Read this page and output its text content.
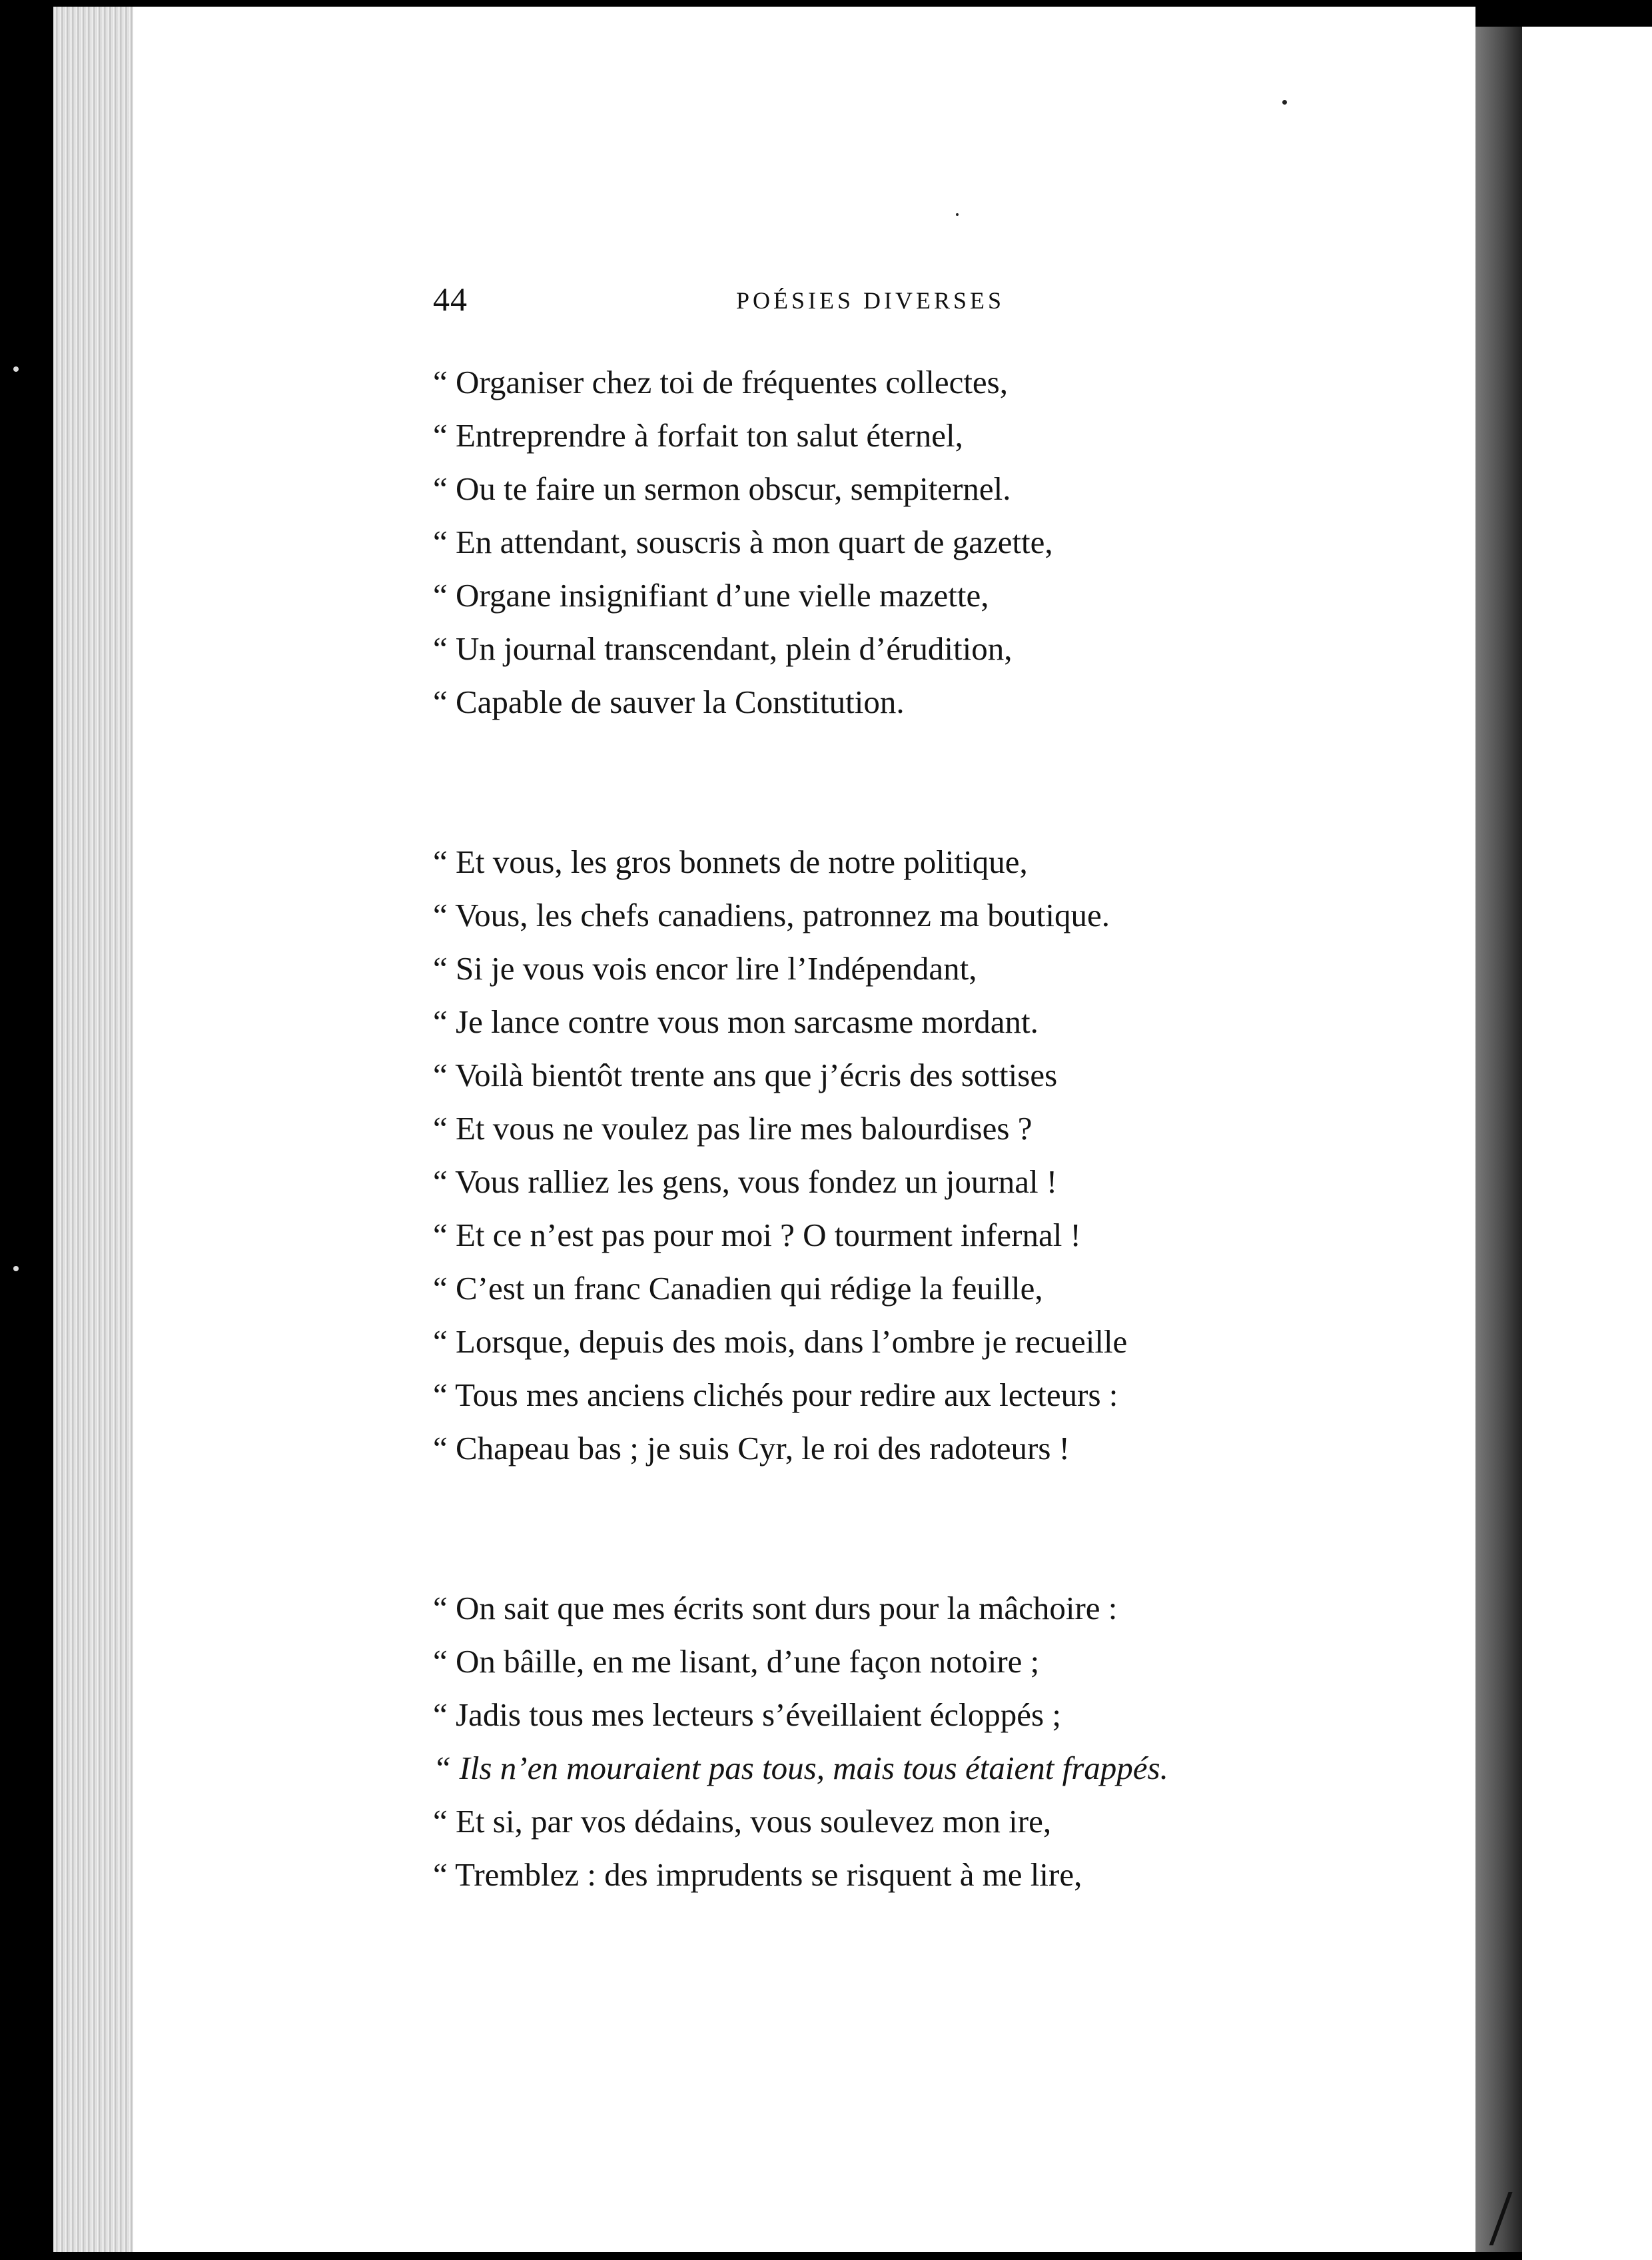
44	POÉSIES DIVERSES
“ Organiser chez toi de fréquentes collectes,
“ Entreprendre à forfait ton salut éternel,
“ Ou te faire un sermon obscur, sempiternel.
“ En attendant, souscris à mon quart de gazette,
“ Organe insignifiant d’une vielle mazette,
“ Un journal transcendant, plein d’érudition,
“ Capable de sauver la Constitution.
“ Et vous, les gros bonnets de notre politique,
“ Vous, les chefs canadiens, patronnez ma boutique.
“ Si je vous vois encor lire l’Indépendant,
“ Je lance contre vous mon sarcasme mordant.
“ Voilà bientôt trente ans que j’écris des sottises
“ Et vous ne voulez pas lire mes balourdises ?
“ Vous ralliez les gens, vous fondez un journal !
“ Et ce n’est pas pour moi ? O tourment infernal !
“ C’est un franc Canadien qui rédige la feuille,
“ Lorsque, depuis des mois, dans l’ombre je recueille
“ Tous mes anciens clichés pour redire aux lecteurs :
“ Chapeau bas ; je suis Cyr, le roi des radoteurs !
“ On sait que mes écrits sont durs pour la mâchoire :
“ On bâille, en me lisant, d’une façon notoire ;
“ Jadis tous mes lecteurs s’éveillaient écloppés ;
“ Ils n’en mouraient pas tous, mais tous étaient frappés.
“ Et si, par vos dédains, vous soulevez mon ire,
“ Tremblez : des imprudents se risquent à me lire,
